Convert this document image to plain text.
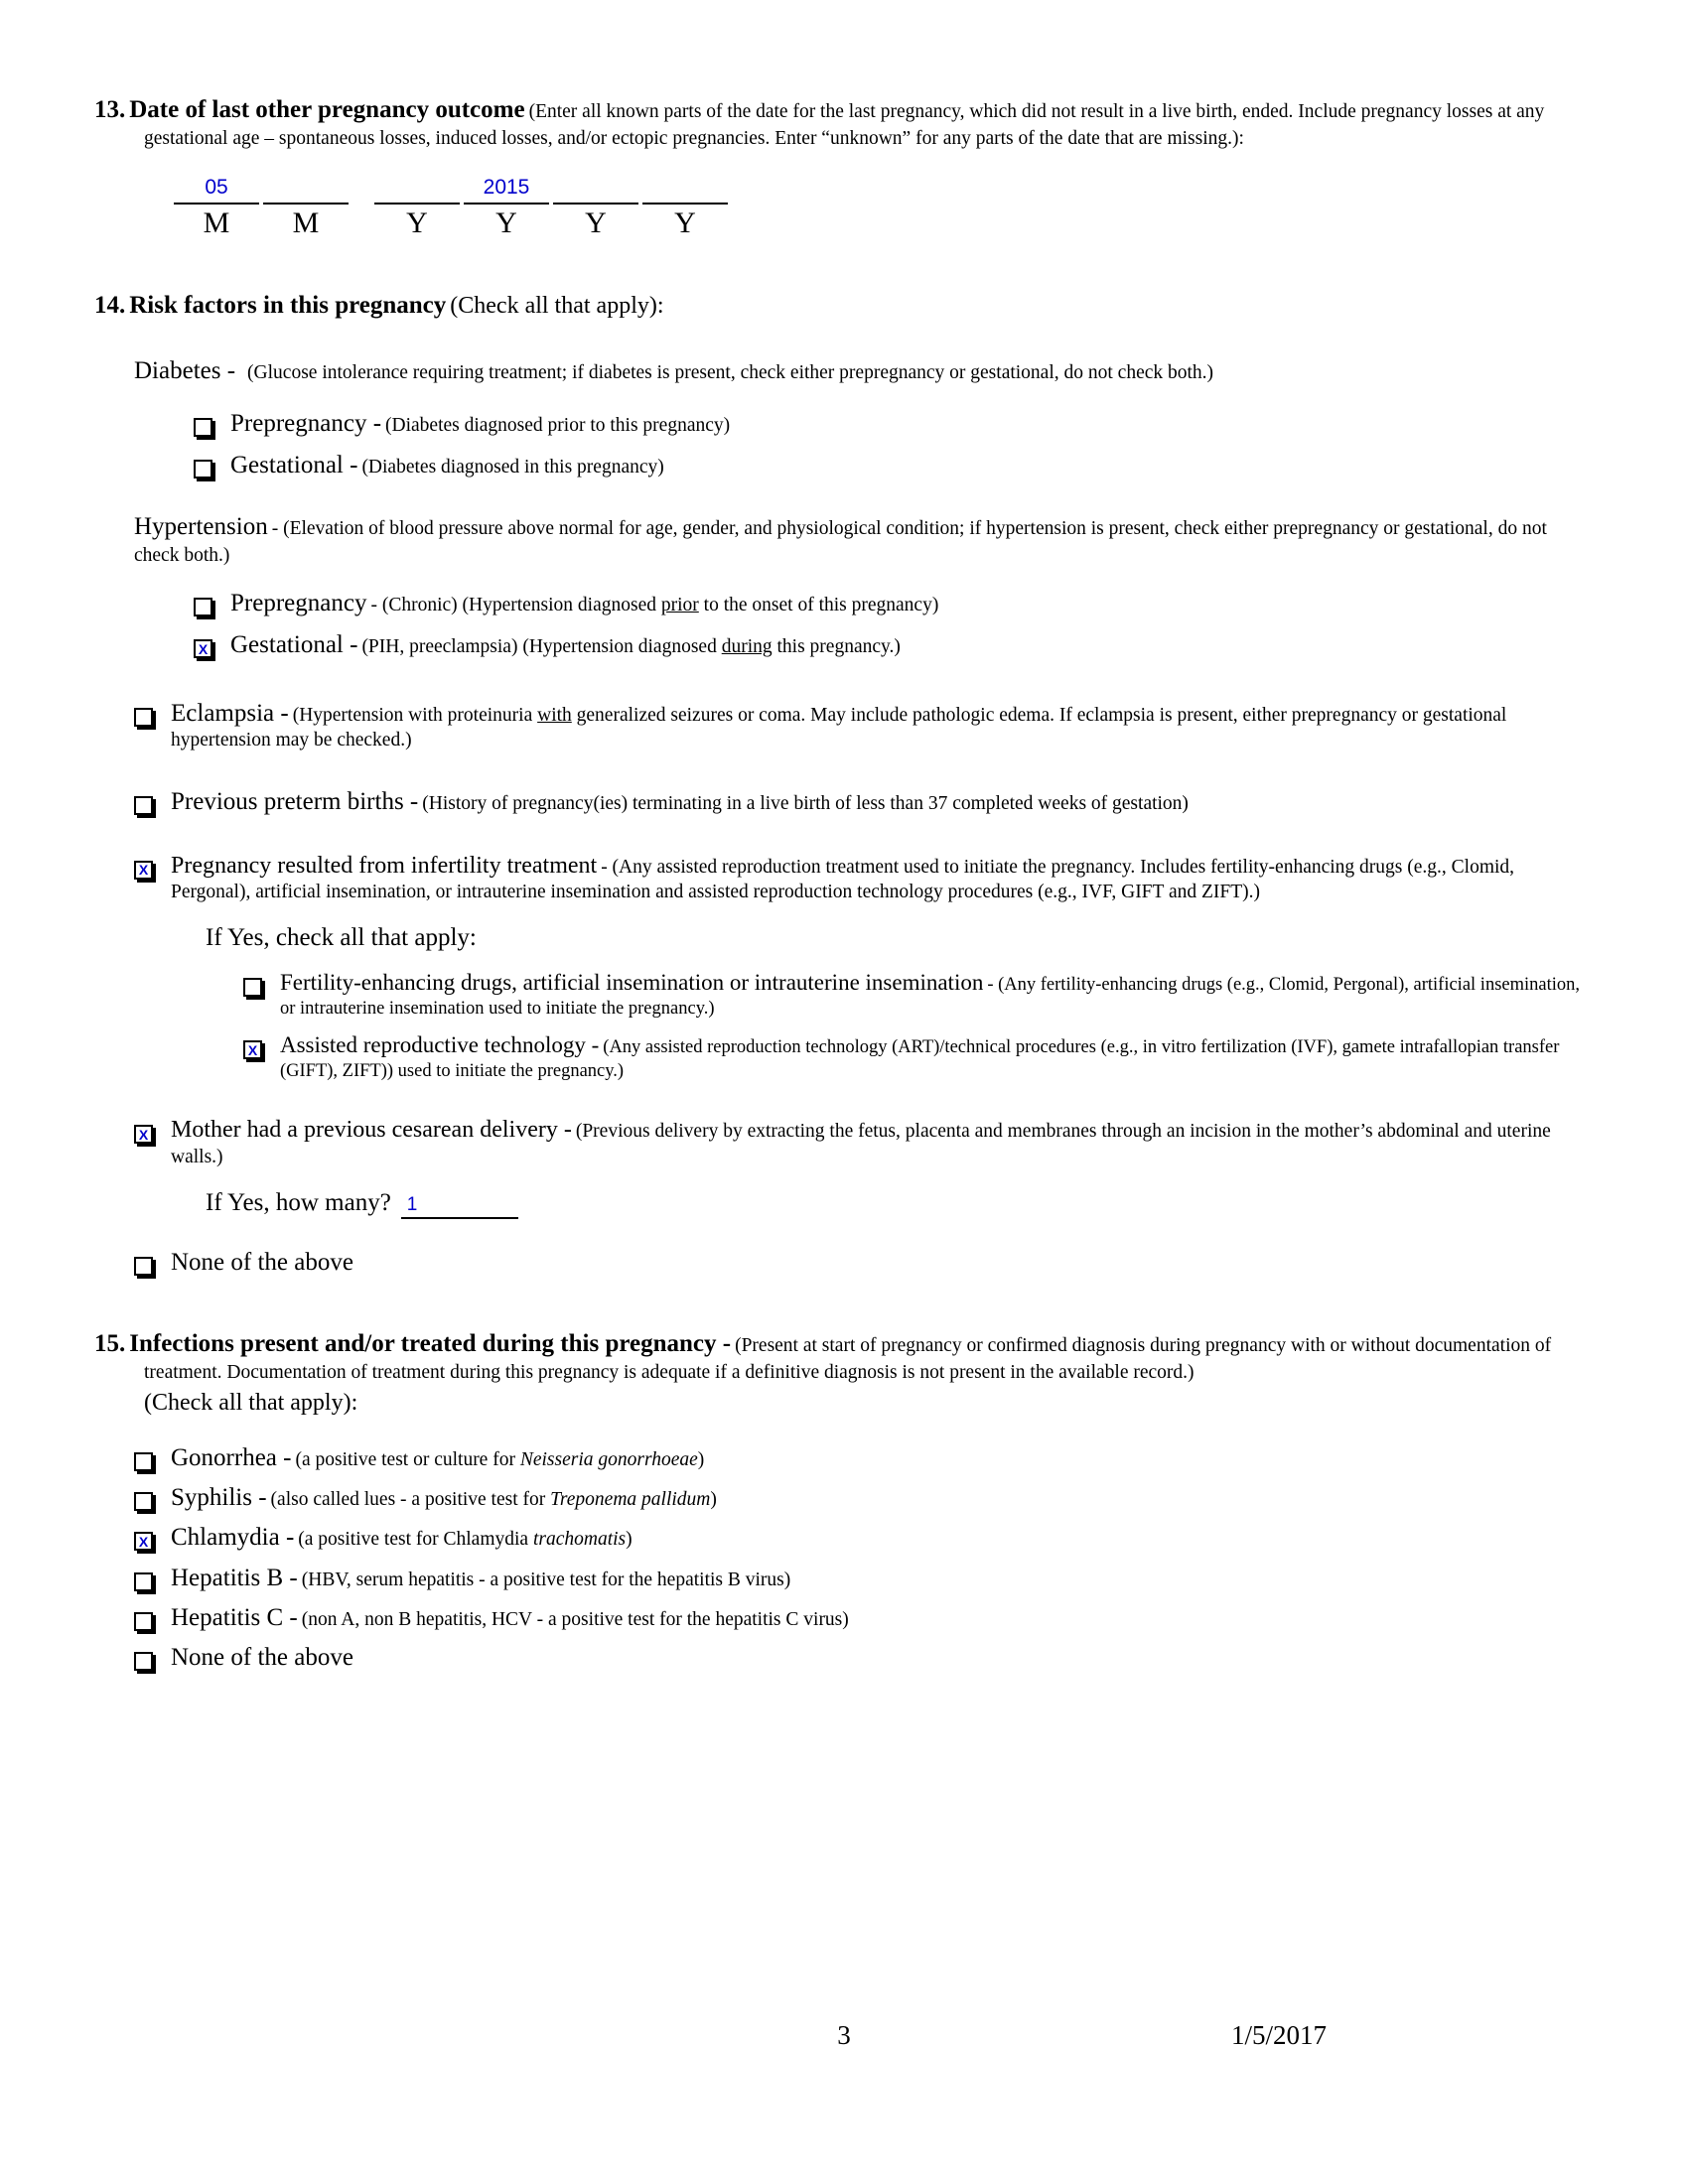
13. Date of last other pregnancy outcome (Enter all known parts of the date for the last pregnancy, which did not result in a live birth, ended. Include pregnancy losses at any gestational age – spontaneous losses, induced losses, and/or ectopic pregnancies. Enter “unknown” for any parts of the date that are missing.):
05
M M	Y
2015
Y Y Y
14. Risk factors in this pregnancy (Check all that apply):
Diabetes - (Glucose intolerance requiring treatment; if diabetes is present, check either prepregnancy or gestational, do not check both.)
Prepregnancy - (Diabetes diagnosed prior to this pregnancy)
Gestational - (Diabetes diagnosed in this pregnancy)
Hypertension - (Elevation of blood pressure above normal for age, gender, and physiological condition; if hypertension is present, check either prepregnancy or gestational, do not check both.)
Prepregnancy - (Chronic) (Hypertension diagnosed prior to the onset of this pregnancy)
X
Gestational - (PIH, preeclampsia) (Hypertension diagnosed during this pregnancy.)
Eclampsia - (Hypertension with proteinuria with generalized seizures or coma. May include pathologic edema. If eclampsia is present, either prepregnancy or gestational hypertension may be checked.)
Previous preterm births - (History of pregnancy(ies) terminating in a live birth of less than 37 completed weeks of gestation)
X
Pregnancy resulted from infertility treatment - (Any assisted reproduction treatment used to initiate the pregnancy. Includes fertility-enhancing drugs (e.g., Clomid, Pergonal), artificial insemination, or intrauterine insemination and assisted reproduction technology procedures (e.g., IVF, GIFT and ZIFT).)
If Yes, check all that apply:
Fertility-enhancing drugs, artificial insemination or intrauterine insemination - (Any fertility-enhancing drugs (e.g., Clomid, Pergonal), artificial insemination, or intrauterine insemination used to initiate the pregnancy.)
X
Assisted reproductive technology - (Any assisted reproduction technology (ART)/technical procedures (e.g., in vitro fertilization (IVF), gamete intrafallopian transfer (GIFT), ZIFT)) used to initiate the pregnancy.)
X
Mother had a previous cesarean delivery - (Previous delivery by extracting the fetus, placenta and membranes through an incision in the mother’s abdominal and uterine walls.)
If Yes, how many? 1
None of the above
15. Infections present and/or treated during this pregnancy - (Present at start of pregnancy or confirmed diagnosis during pregnancy with or without documentation of treatment. Documentation of treatment during this pregnancy is adequate if a definitive diagnosis is not present in the available record.)
(Check all that apply):
Gonorrhea - (a positive test or culture for Neisseria gonorrhoeae)
Syphilis - (also called lues - a positive test for Treponema pallidum)
X
Chlamydia - (a positive test for Chlamydia trachomatis)
Hepatitis B - (HBV, serum hepatitis - a positive test for the hepatitis B virus)
Hepatitis C - (non A, non B hepatitis, HCV - a positive test for the hepatitis C virus)
None of the above
3	1/5/2017
